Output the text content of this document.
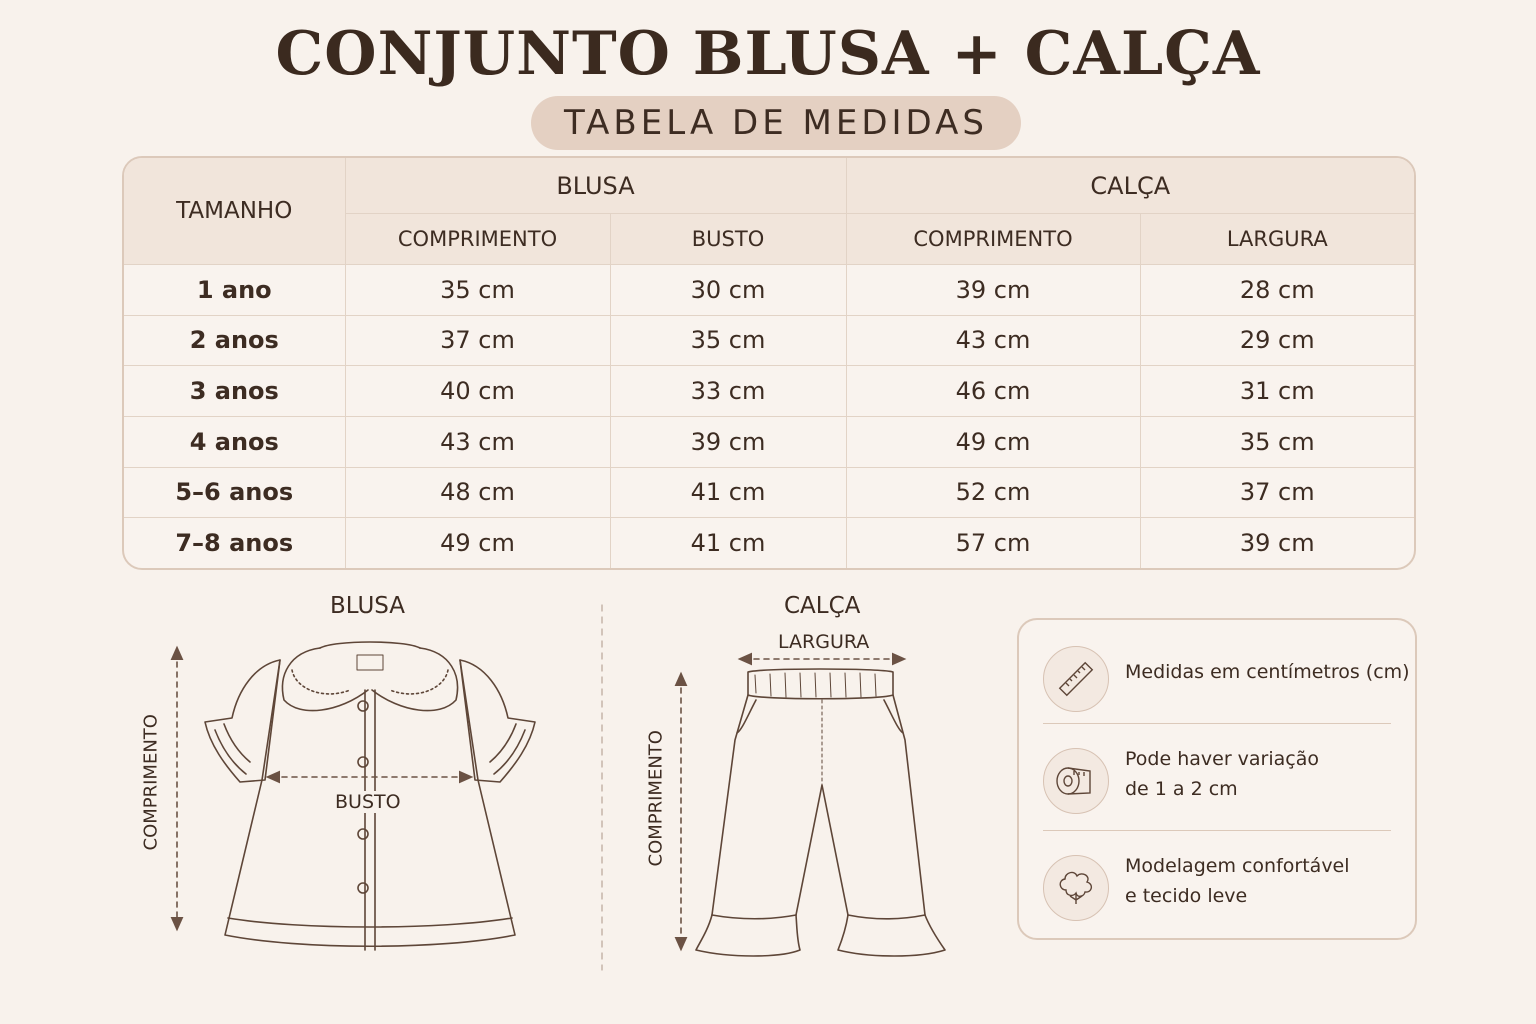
CONJUNTO BLUSA + CALÇA
TABELA DE MEDIDAS
TAMANHO	BLUSA		CALÇA	
	COMPRIMENTO	BUSTO	COMPRIMENTO	LARGURA
1 ano	35 cm	30 cm	39 cm	28 cm
2 anos	37 cm	35 cm	43 cm	29 cm
3 anos	40 cm	33 cm	46 cm	31 cm
4 anos	43 cm	39 cm	49 cm	35 cm
5–6 anos	48 cm	41 cm	52 cm	37 cm
7–8 anos	49 cm	41 cm	57 cm	39 cm
BLUSA
BUSTO
COMPRIMENTO
CALÇA
LARGURA
COMPRIMENTO
Medidas em centímetros (cm)
Pode haver variação
de 1 a 2 cm
Modelagem confortável
e tecido leve
